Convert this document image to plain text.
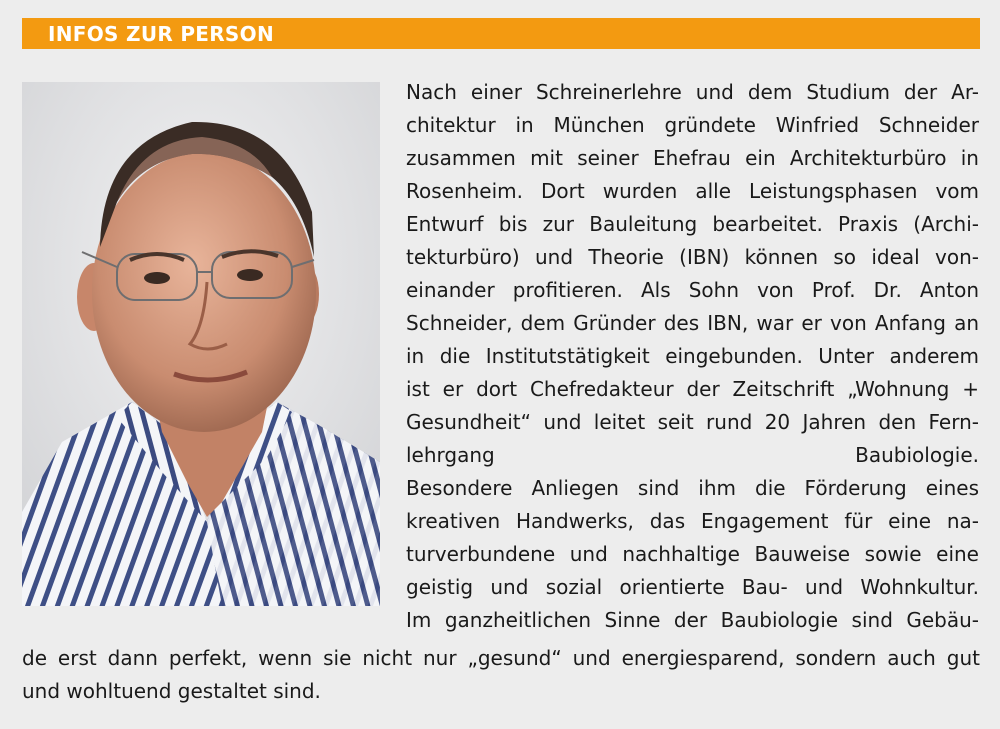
INFOS ZUR PERSON
Nach einer Schreinerlehre und dem Studium der Ar-
chitektur in München gründete Winfried Schneider
zusammen mit seiner Ehefrau ein Architekturbüro in
Rosenheim. Dort wurden alle Leistungsphasen vom
Entwurf bis zur Bauleitung bearbeitet. Praxis (Archi-
tekturbüro) und Theorie (IBN) können so ideal von-
einander profitieren. Als Sohn von Prof. Dr. Anton
Schneider, dem Gründer des IBN, war er von Anfang an
in die Institutstätigkeit eingebunden. Unter anderem
ist er dort Chefredakteur der Zeitschrift „Wohnung +
Gesundheit“ und leitet seit rund 20 Jahren den Fern-
lehrgang Baubiologie.
Besondere Anliegen sind ihm die Förderung eines
kreativen Handwerks, das Engagement für eine na-
turverbundene und nachhaltige Bauweise sowie eine
geistig und sozial orientierte Bau- und Wohnkultur.
Im ganzheitlichen Sinne der Baubiologie sind Gebäu-
de erst dann perfekt, wenn sie nicht nur „gesund“ und energiesparend, sondern auch gut
und wohltuend gestaltet sind.
